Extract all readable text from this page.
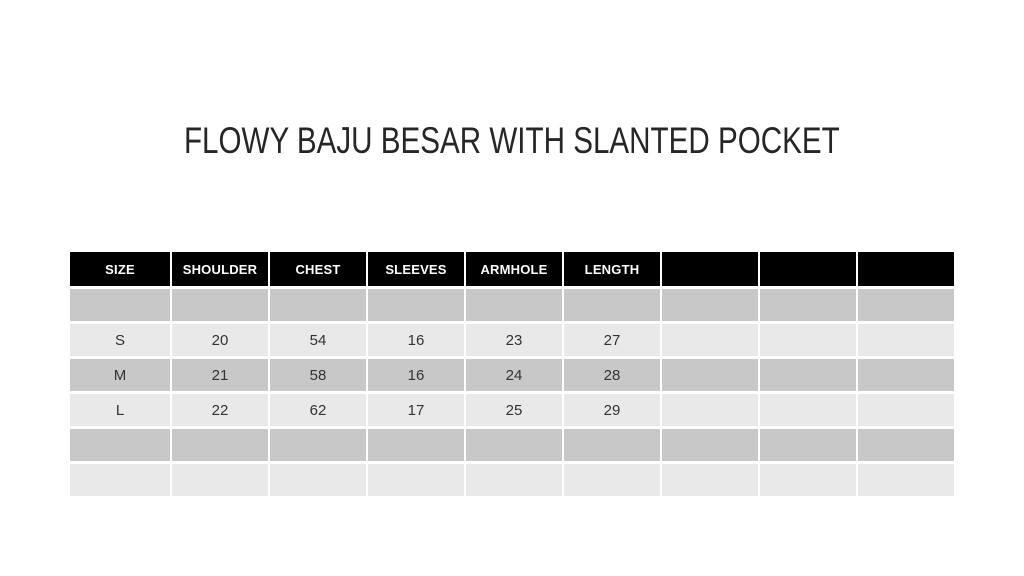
FLOWY BAJU BESAR WITH SLANTED POCKET
SIZE	SHOULDER	CHEST	SLEEVES	ARMHOLE	LENGTH
S	20	54	16	23	27
M	21	58	16	24	28
L	22	62	17	25	29
